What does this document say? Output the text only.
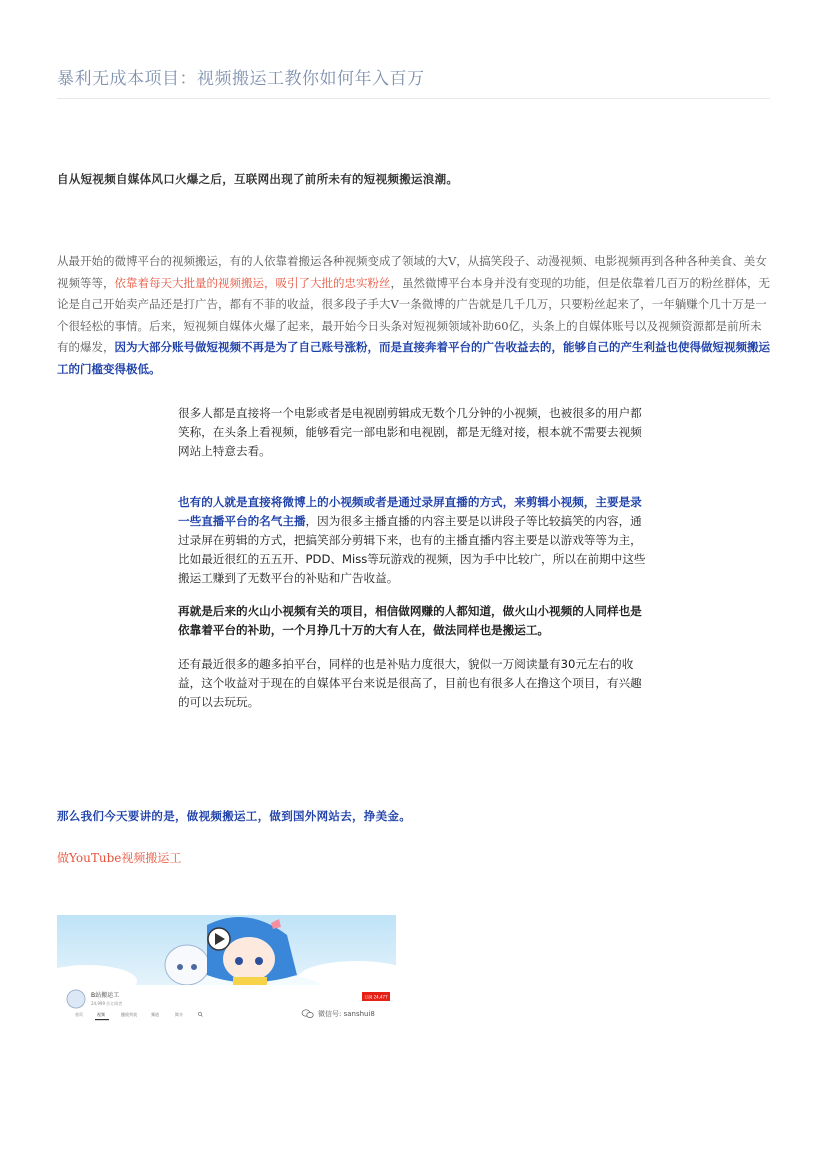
暴利无成本项目：视频搬运工教你如何年入百万

自从短视频自媒体风口火爆之后，互联网出现了前所未有的短视频搬运浪潮。

从最开始的微博平台的视频搬运，有的人依靠着搬运各种视频变成了领域的大V，从搞笑段子、动漫视频、电影视频再到各种各种美食、美女视频等等，依靠着每天大批量的视频搬运，吸引了大批的忠实粉丝，虽然微博平台本身并没有变现的功能，但是依靠着几百万的粉丝群体，无论是自己开始卖产品还是打广告，都有不菲的收益，很多段子手大V一条微博的广告就是几千几万，只要粉丝起来了，一年躺赚个几十万是一个很轻松的事情。后来，短视频自媒体火爆了起来，最开始今日头条对短视频领域补助60亿，头条上的自媒体账号以及视频资源都是前所未有的爆发，因为大部分账号做短视频不再是为了自己账号涨粉，而是直接奔着平台的广告收益去的，能够自己的产生利益也使得做短视频搬运工的门槛变得极低。

很多人都是直接将一个电影或者是电视剧剪辑成无数个几分钟的小视频，也被很多的用户都笑称，在头条上看视频，能够看完一部电影和电视剧，都是无缝对接，根本就不需要去视频网站上特意去看。

也有的人就是直接将微博上的小视频或者是通过录屏直播的方式，来剪辑小视频，主要是录一些直播平台的名气主播，因为很多主播直播的内容主要是以讲段子等比较搞笑的内容，通过录屏在剪辑的方式，把搞笑部分剪辑下来，也有的主播直播内容主要是以游戏等等为主，比如最近很红的五五开、PDD、Miss等玩游戏的视频，因为手中比较广，所以在前期中这些搬运工赚到了无数平台的补贴和广告收益。

再就是后来的火山小视频有关的项目，相信做网赚的人都知道，做火山小视频的人同样也是依靠着平台的补助，一个月挣几十万的大有人在，做法同样也是搬运工。

还有最近很多的趣多拍平台，同样的也是补贴力度很大，貌似一万阅读量有30元左右的收益，这个收益对于现在的自媒体平台来说是很高了，目前也有很多人在撸这个项目，有兴趣的可以去玩玩。

那么我们今天要讲的是，做视频搬运工，做到国外网站去，挣美金。

做YouTube视频搬运工

B站搬运工
24,999 位订阅者
订阅 24,477
首页	视频	播放列表	频道	简介	微信号: sanshui8
